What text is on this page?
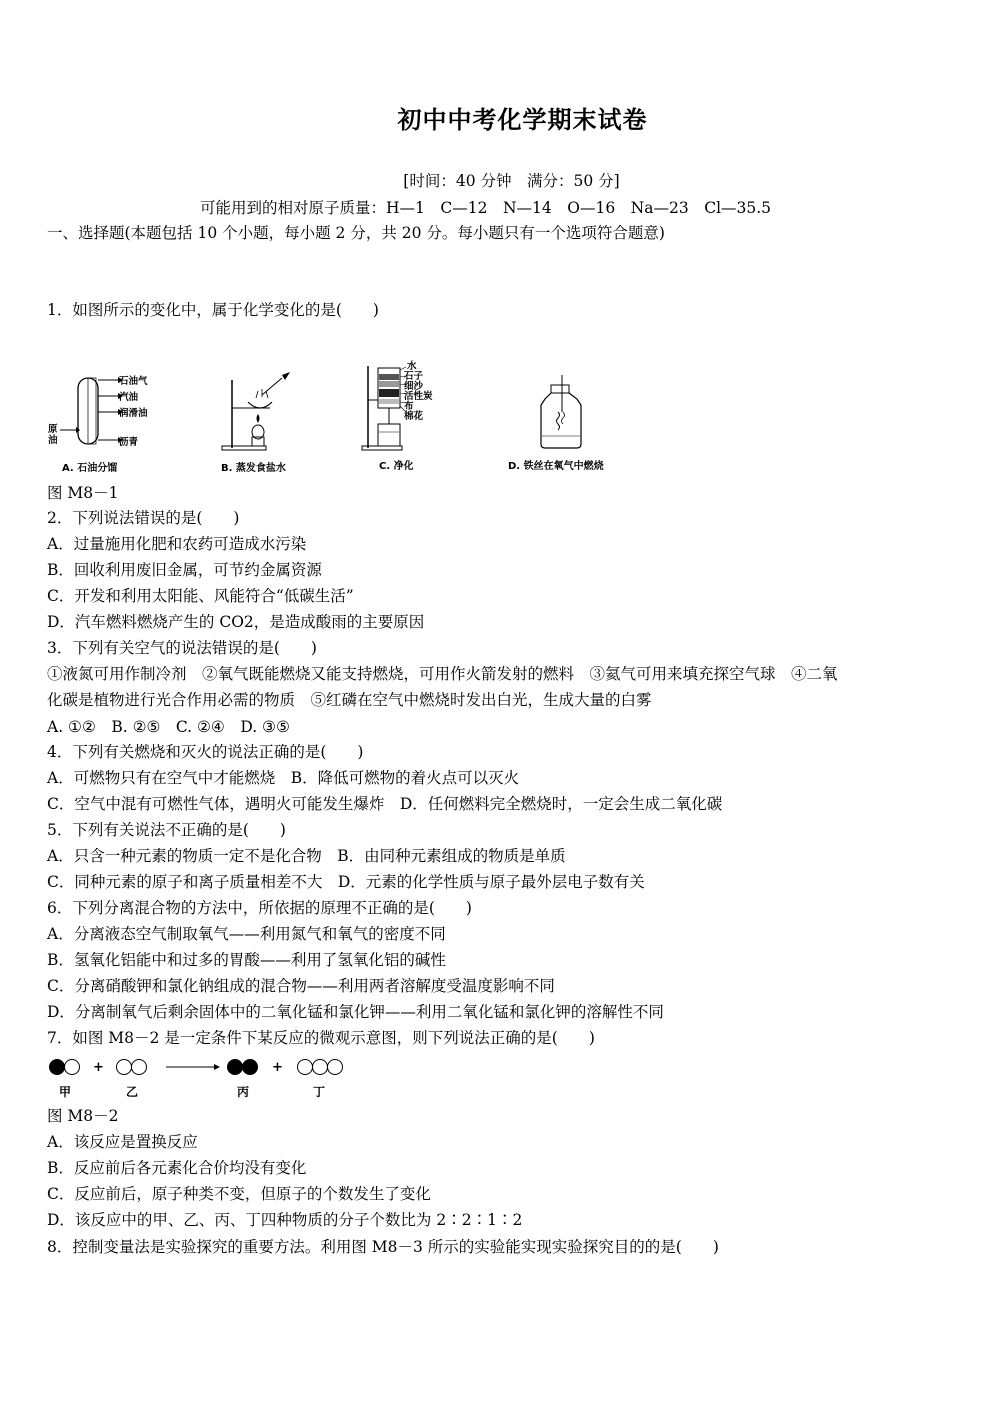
初中中考化学期末试卷
[时间：40 分钟　满分：50 分]
可能用到的相对原子质量：H—1　C—12　N—14　O—16　Na—23　Cl—35.5
一、选择题(本题包括 10 个小题，每小题 2 分，共 20 分。每小题只有一个选项符合题意)
1．如图所示的变化中，属于化学变化的是(　　)
石油气
汽油
润滑油
沥青
原油
A. 石油分馏	B. 蒸发食盐水
水
石子
细沙
活性炭
布
棉花
C. 净化	D. 铁丝在氧气中燃烧
图 M8－1
2．下列说法错误的是(　　)
A．过量施用化肥和农药可造成水污染
B．回收利用废旧金属，可节约金属资源
C．开发和利用太阳能、风能符合“低碳生活”
D．汽车燃料燃烧产生的 CO2，是造成酸雨的主要原因
3．下列有关空气的说法错误的是(　　)
①液氮可用作制冷剂　②氧气既能燃烧又能支持燃烧，可用作火箭发射的燃料　③氦气可用来填充探空气球　④二氧
化碳是植物进行光合作用必需的物质　⑤红磷在空气中燃烧时发出白光，生成大量的白雾
A. ①②　B. ②⑤　C. ②④　D. ③⑤
4．下列有关燃烧和灭火的说法正确的是(　　)
A．可燃物只有在空气中才能燃烧　B．降低可燃物的着火点可以灭火
C．空气中混有可燃性气体，遇明火可能发生爆炸　D．任何燃料完全燃烧时，一定会生成二氧化碳
5．下列有关说法不正确的是(　　)
A．只含一种元素的物质一定不是化合物　B．由同种元素组成的物质是单质
C．同种元素的原子和离子质量相差不大　D．元素的化学性质与原子最外层电子数有关
6．下列分离混合物的方法中，所依据的原理不正确的是(　　)
A．分离液态空气制取氧气——利用氮气和氧气的密度不同
B．氢氧化铝能中和过多的胃酸——利用了氢氧化铝的碱性
C．分离硝酸钾和氯化钠组成的混合物——利用两者溶解度受温度影响不同
D．分离制氧气后剩余固体中的二氧化锰和氯化钾——利用二氧化锰和氯化钾的溶解性不同
7．如图 M8－2 是一定条件下某反应的微观示意图，则下列说法正确的是(　　)
+	+
甲	乙	丙	丁
图 M8－2
A．该反应是置换反应
B．反应前后各元素化合价均没有变化
C．反应前后，原子种类不变，但原子的个数发生了变化
D．该反应中的甲、乙、丙、丁四种物质的分子个数比为 2∶2∶1∶2
8．控制变量法是实验探究的重要方法。利用图 M8－3 所示的实验能实现实验探究目的的是(　　)
